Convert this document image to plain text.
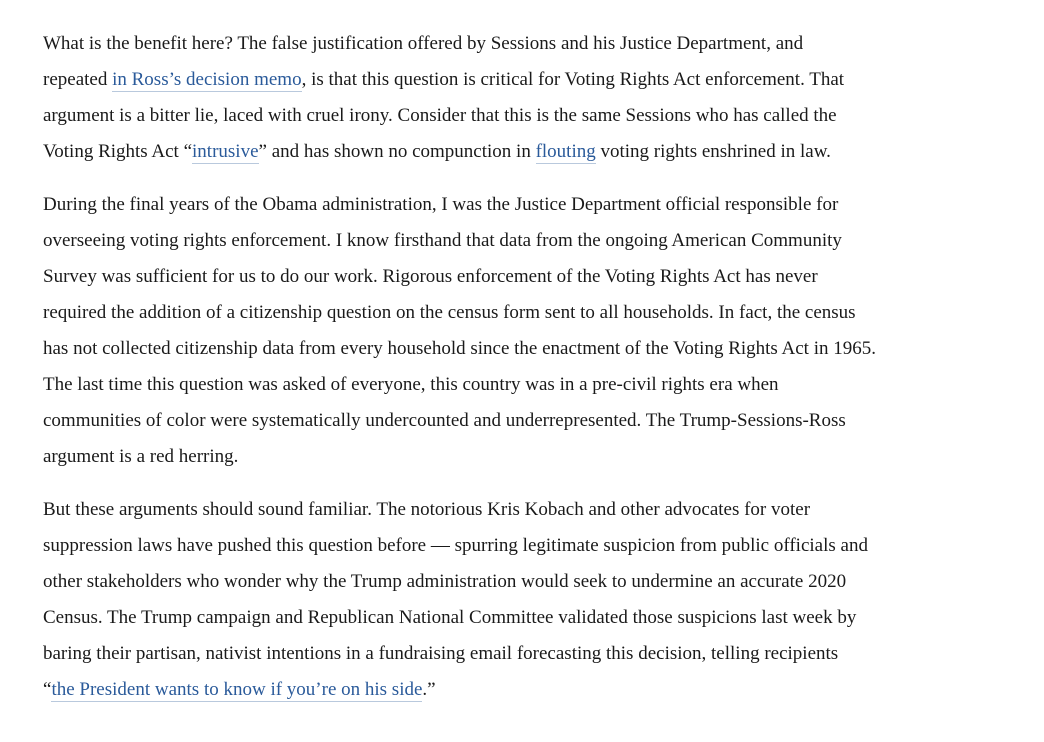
What is the benefit here? The false justification offered by Sessions and his Justice Department, and
repeated in Ross’s decision memo, is that this question is critical for Voting Rights Act enforcement. That
argument is a bitter lie, laced with cruel irony. Consider that this is the same Sessions who has called the
Voting Rights Act “intrusive” and has shown no compunction in flouting voting rights enshrined in law.

During the final years of the Obama administration, I was the Justice Department official responsible for
overseeing voting rights enforcement. I know firsthand that data from the ongoing American Community
Survey was sufficient for us to do our work. Rigorous enforcement of the Voting Rights Act has never
required the addition of a citizenship question on the census form sent to all households. In fact, the census
has not collected citizenship data from every household since the enactment of the Voting Rights Act in 1965.
The last time this question was asked of everyone, this country was in a pre-civil rights era when
communities of color were systematically undercounted and underrepresented. The Trump-Sessions-Ross
argument is a red herring.

But these arguments should sound familiar. The notorious Kris Kobach and other advocates for voter
suppression laws have pushed this question before — spurring legitimate suspicion from public officials and
other stakeholders who wonder why the Trump administration would seek to undermine an accurate 2020
Census. The Trump campaign and Republican National Committee validated those suspicions last week by
baring their partisan, nativist intentions in a fundraising email forecasting this decision, telling recipients
“the President wants to know if you’re on his side.”
